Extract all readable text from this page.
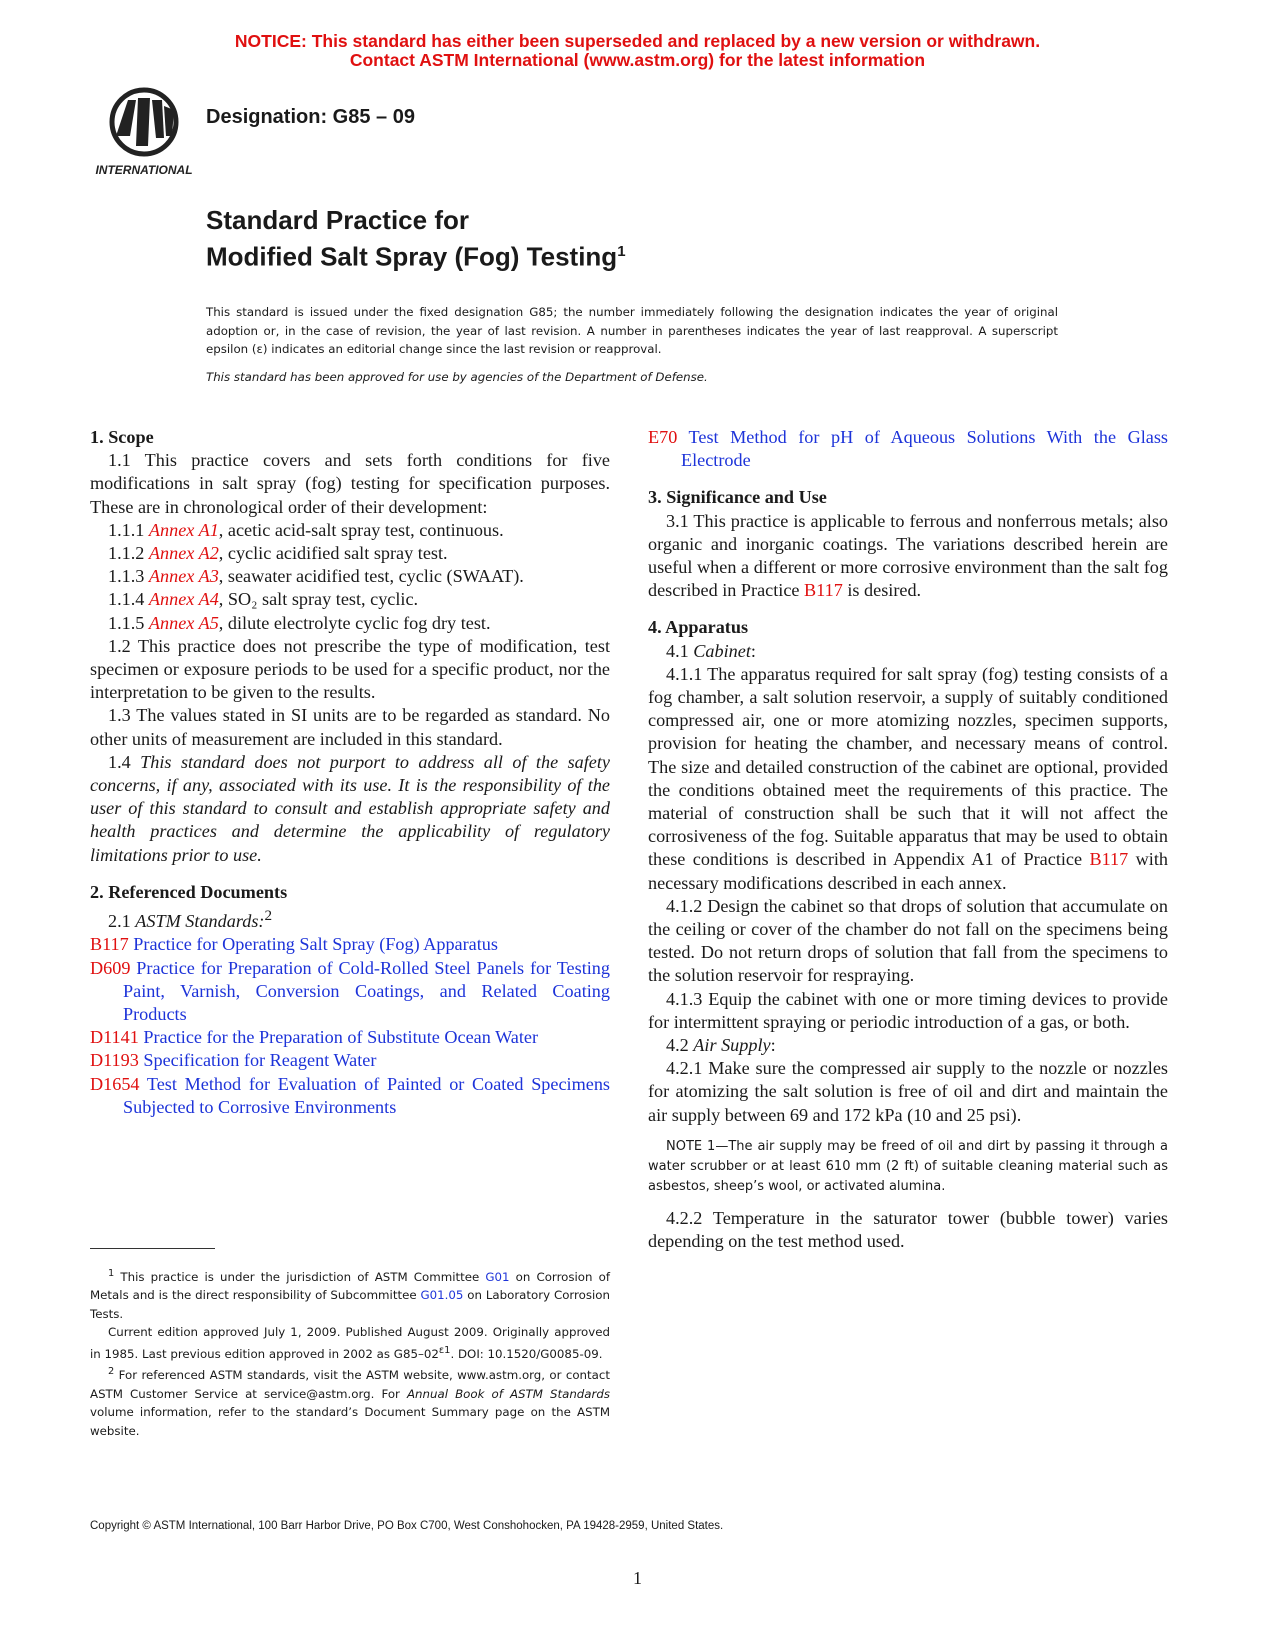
NOTICE: This standard has either been superseded and replaced by a new version or withdrawn.
Contact ASTM International (www.astm.org) for the latest information
INTERNATIONAL
Designation: G85 – 09
Standard Practice for
Modified Salt Spray (Fog) Testing$^1$
This standard is issued under the fixed designation G85; the number immediately following the designation indicates the year of original adoption or, in the case of revision, the year of last revision. A number in parentheses indicates the year of last reapproval. A superscript epsilon (ε) indicates an editorial change since the last revision or reapproval.
This standard has been approved for use by agencies of the Department of Defense.

1. Scope

1.1 This practice covers and sets forth conditions for five modifications in salt spray (fog) testing for specification purposes. These are in chronological order of their development:

1.1.1 Annex A1, acetic acid-salt spray test, continuous.

1.1.2 Annex A2, cyclic acidified salt spray test.

1.1.3 Annex A3, seawater acidified test, cyclic (SWAAT).

1.1.4 Annex A4, SO₂ salt spray test, cyclic.

1.1.5 Annex A5, dilute electrolyte cyclic fog dry test.

1.2 This practice does not prescribe the type of modification, test specimen or exposure periods to be used for a specific product, nor the interpretation to be given to the results.

1.3 The values stated in SI units are to be regarded as standard. No other units of measurement are included in this standard.

1.4 This standard does not purport to address all of the safety concerns, if any, associated with its use. It is the responsibility of the user of this standard to consult and establish appropriate safety and health practices and determine the applicability of regulatory limitations prior to use.

2. Referenced Documents

2.1 ASTM Standards:$^2$

B117 Practice for Operating Salt Spray (Fog) Apparatus

D609 Practice for Preparation of Cold-Rolled Steel Panels for Testing Paint, Varnish, Conversion Coatings, and Related Coating Products

D1141 Practice for the Preparation of Substitute Ocean Water

D1193 Specification for Reagent Water

D1654 Test Method for Evaluation of Painted or Coated Specimens Subjected to Corrosive Environments

$^1$ This practice is under the jurisdiction of ASTM Committee G01 on Corrosion of Metals and is the direct responsibility of Subcommittee G01.05 on Laboratory Corrosion Tests.

Current edition approved July 1, 2009. Published August 2009. Originally approved in 1985. Last previous edition approved in 2002 as $G85-02^{\varepsilon 1}$. DOI: 10.1520/G0085-09.

$^2$ For referenced ASTM standards, visit the ASTM website, www.astm.org, or contact ASTM Customer Service at service@astm.org. For Annual Book of ASTM Standards volume information, refer to the standard’s Document Summary page on the ASTM website.

E70 Test Method for pH of Aqueous Solutions With the Glass Electrode

3. Significance and Use

3.1 This practice is applicable to ferrous and nonferrous metals; also organic and inorganic coatings. The variations described herein are useful when a different or more corrosive environment than the salt fog described in Practice B117 is desired.

4. Apparatus

4.1 Cabinet:

4.1.1 The apparatus required for salt spray (fog) testing consists of a fog chamber, a salt solution reservoir, a supply of suitably conditioned compressed air, one or more atomizing nozzles, specimen supports, provision for heating the chamber, and necessary means of control. The size and detailed construction of the cabinet are optional, provided the conditions obtained meet the requirements of this practice. The material of construction shall be such that it will not affect the corrosiveness of the fog. Suitable apparatus that may be used to obtain these conditions is described in Appendix A1 of Practice B117 with necessary modifications described in each annex.

4.1.2 Design the cabinet so that drops of solution that accumulate on the ceiling or cover of the chamber do not fall on the specimens being tested. Do not return drops of solution that fall from the specimens to the solution reservoir for respraying.

4.1.3 Equip the cabinet with one or more timing devices to provide for intermittent spraying or periodic introduction of a gas, or both.

4.2 Air Supply:

4.2.1 Make sure the compressed air supply to the nozzle or nozzles for atomizing the salt solution is free of oil and dirt and maintain the air supply between 69 and 172 kPa (10 and 25 psi).

NOTE 1—The air supply may be freed of oil and dirt by passing it through a water scrubber or at least 610 mm (2 ft) of suitable cleaning material such as asbestos, sheep’s wool, or activated alumina.

4.2.2 Temperature in the saturator tower (bubble tower) varies depending on the test method used.

Copyright © ASTM International, 100 Barr Harbor Drive, PO Box C700, West Conshohocken, PA 19428-2959, United States.
1
